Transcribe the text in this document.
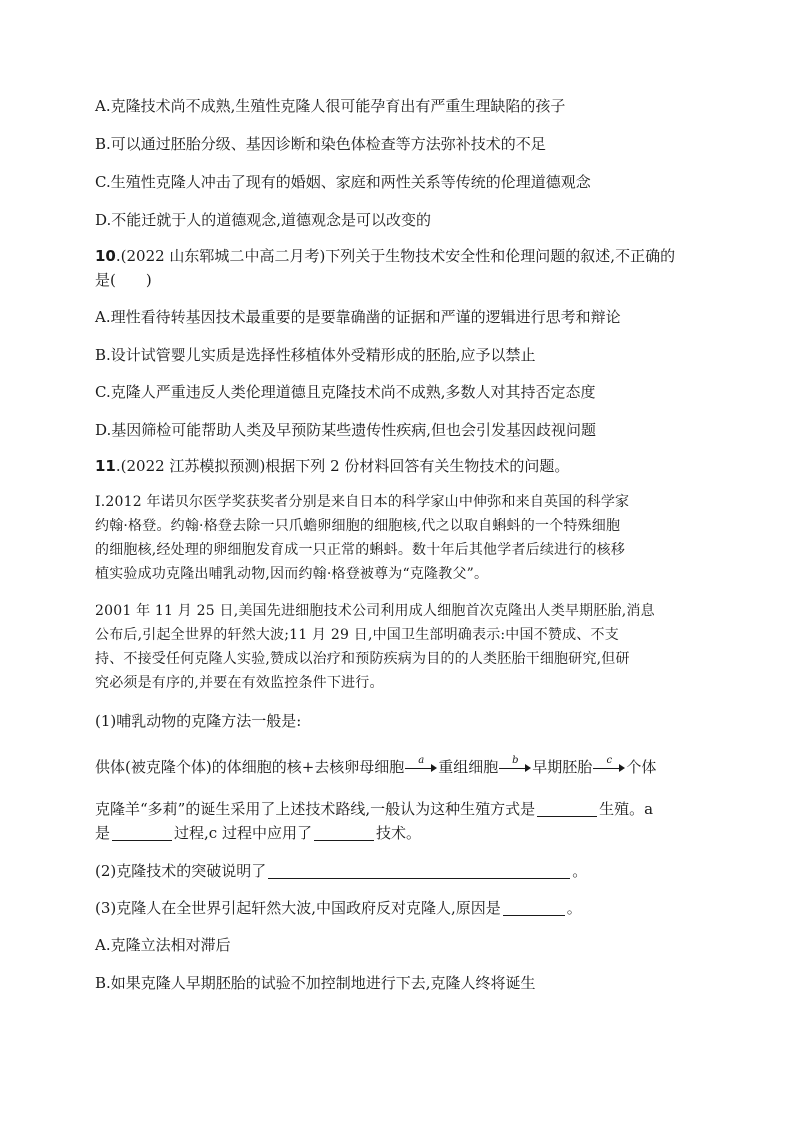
A.克隆技术尚不成熟,生殖性克隆人很可能孕育出有严重生理缺陷的孩子
B.可以通过胚胎分级、基因诊断和染色体检查等方法弥补技术的不足
C.生殖性克隆人冲击了现有的婚姻、家庭和两性关系等传统的伦理道德观念
D.不能迁就于人的道德观念,道德观念是可以改变的
10.(2022 山东郓城二中高二月考)下列关于生物技术安全性和伦理问题的叙述,不正确的
是(　　)
A.理性看待转基因技术最重要的是要靠确凿的证据和严谨的逻辑进行思考和辩论
B.设计试管婴儿实质是选择性移植体外受精形成的胚胎,应予以禁止
C.克隆人严重违反人类伦理道德且克隆技术尚不成熟,多数人对其持否定态度
D.基因筛检可能帮助人类及早预防某些遗传性疾病,但也会引发基因歧视问题
11.(2022 江苏模拟预测)根据下列 2 份材料回答有关生物技术的问题。
Ⅰ.2012 年诺贝尔医学奖获奖者分别是来自日本的科学家山中伸弥和来自英国的科学家
约翰·格登。约翰·格登去除一只爪蟾卵细胞的细胞核,代之以取自蝌蚪的一个特殊细胞
的细胞核,经处理的卵细胞发育成一只正常的蝌蚪。数十年后其他学者后续进行的核移
植实验成功克隆出哺乳动物,因而约翰·格登被尊为“克隆教父”。
2001 年 11 月 25 日,美国先进细胞技术公司利用成人细胞首次克隆出人类早期胚胎,消息
公布后,引起全世界的轩然大波;11 月 29 日,中国卫生部明确表示:中国不赞成、不支
持、不接受任何克隆人实验,赞成以治疗和预防疾病为目的的人类胚胎干细胞研究,但研
究必须是有序的,并要在有效监控条件下进行。
(1)哺乳动物的克隆方法一般是:
供体(被克隆个体)的体细胞的核+去核卵母细胞	a 重组细胞	b 早期胚胎	c 个体
克隆羊“多莉”的诞生采用了上述技术路线,一般认为这种生殖方式是	生殖。a
是	过程,c 过程中应用了	技术。
(2)克隆技术的突破说明了	。
(3)克隆人在全世界引起轩然大波,中国政府反对克隆人,原因是	。
A.克隆立法相对滞后
B.如果克隆人早期胚胎的试验不加控制地进行下去,克隆人终将诞生
